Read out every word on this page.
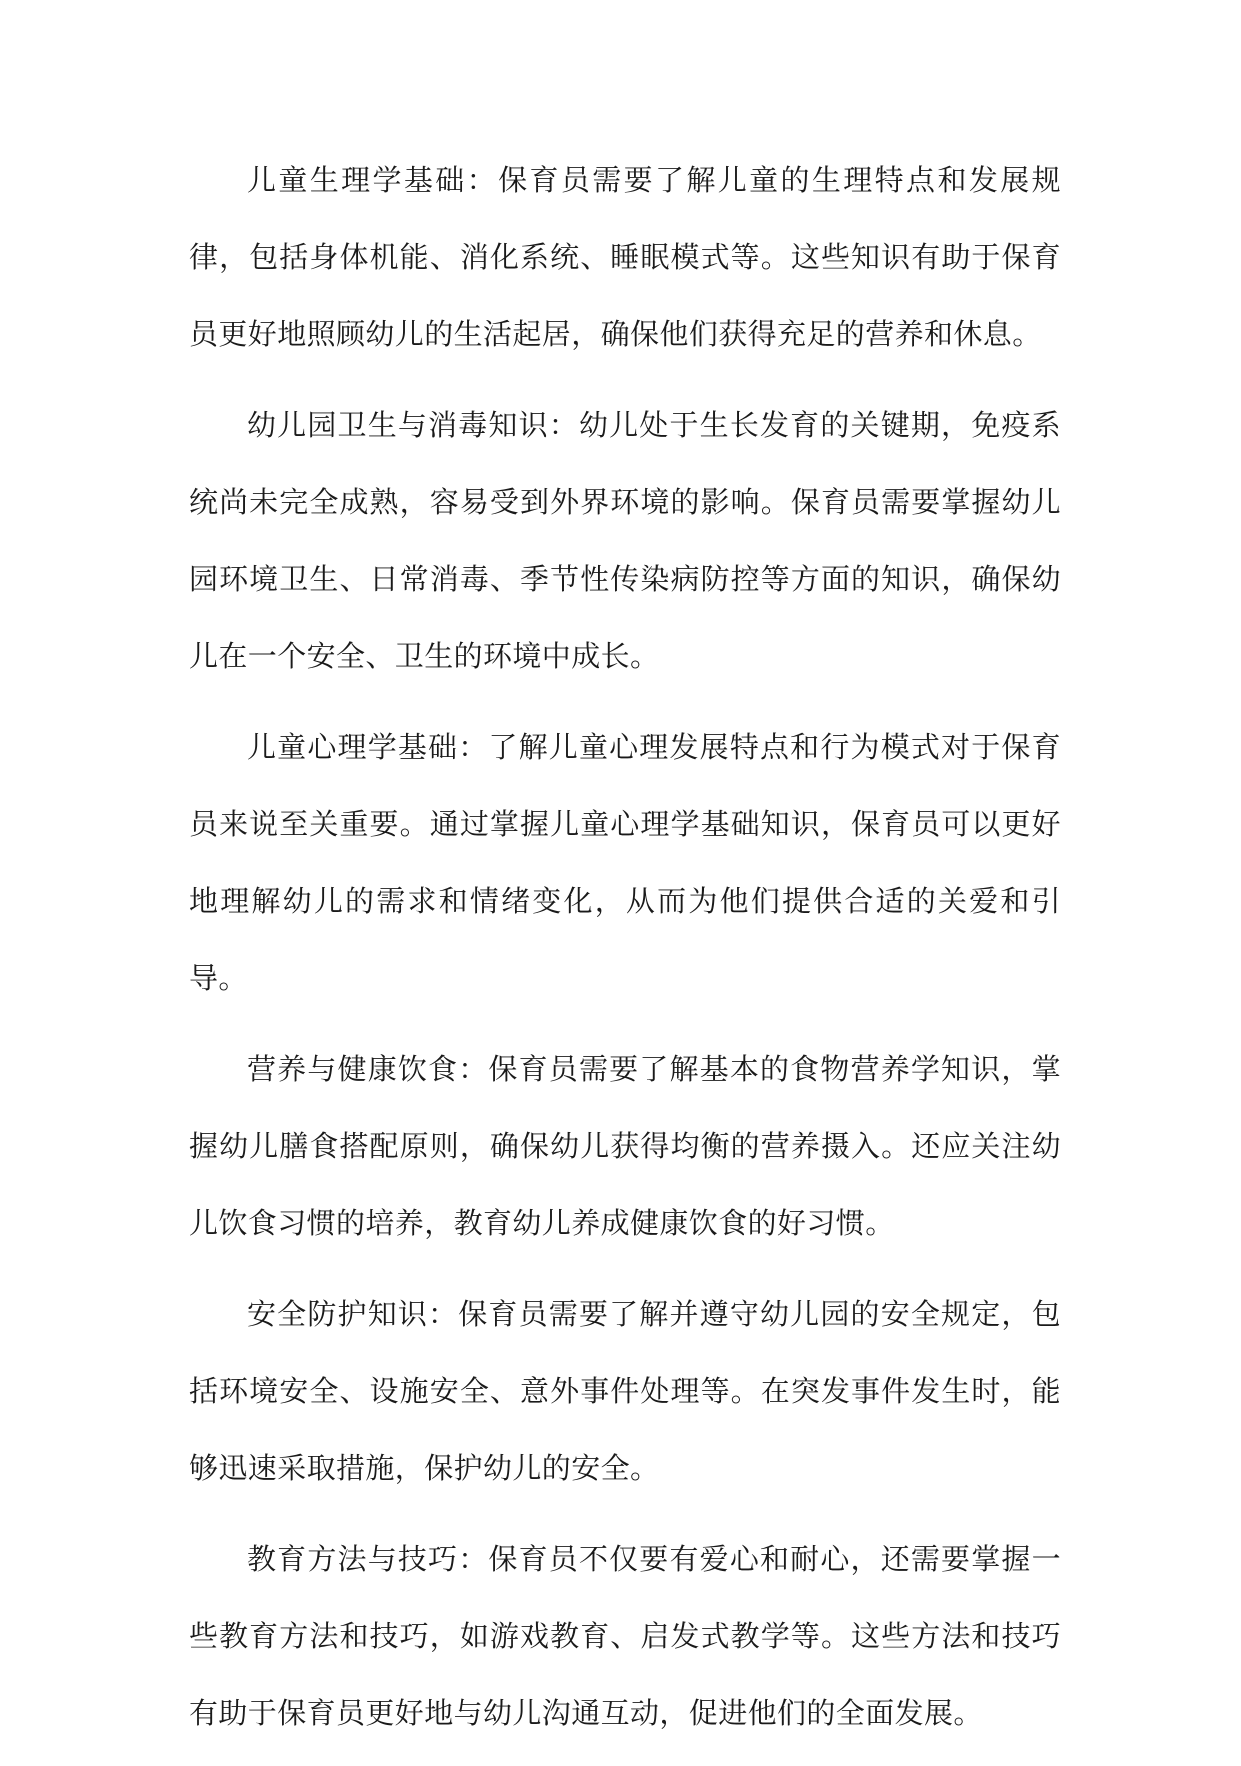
儿童生理学基础：保育员需要了解儿童的生理特点和发展规律，包括身体机能、消化系统、睡眠模式等。这些知识有助于保育员更好地照顾幼儿的生活起居，确保他们获得充足的营养和休息。

幼儿园卫生与消毒知识：幼儿处于生长发育的关键期，免疫系统尚未完全成熟，容易受到外界环境的影响。保育员需要掌握幼儿园环境卫生、日常消毒、季节性传染病防控等方面的知识，确保幼儿在一个安全、卫生的环境中成长。

儿童心理学基础：了解儿童心理发展特点和行为模式对于保育员来说至关重要。通过掌握儿童心理学基础知识，保育员可以更好地理解幼儿的需求和情绪变化，从而为他们提供合适的关爱和引导。

营养与健康饮食：保育员需要了解基本的食物营养学知识，掌握幼儿膳食搭配原则，确保幼儿获得均衡的营养摄入。还应关注幼儿饮食习惯的培养，教育幼儿养成健康饮食的好习惯。

安全防护知识：保育员需要了解并遵守幼儿园的安全规定，包括环境安全、设施安全、意外事件处理等。在突发事件发生时，能够迅速采取措施，保护幼儿的安全。

教育方法与技巧：保育员不仅要有爱心和耐心，还需要掌握一些教育方法和技巧，如游戏教育、启发式教学等。这些方法和技巧有助于保育员更好地与幼儿沟通互动，促进他们的全面发展。
